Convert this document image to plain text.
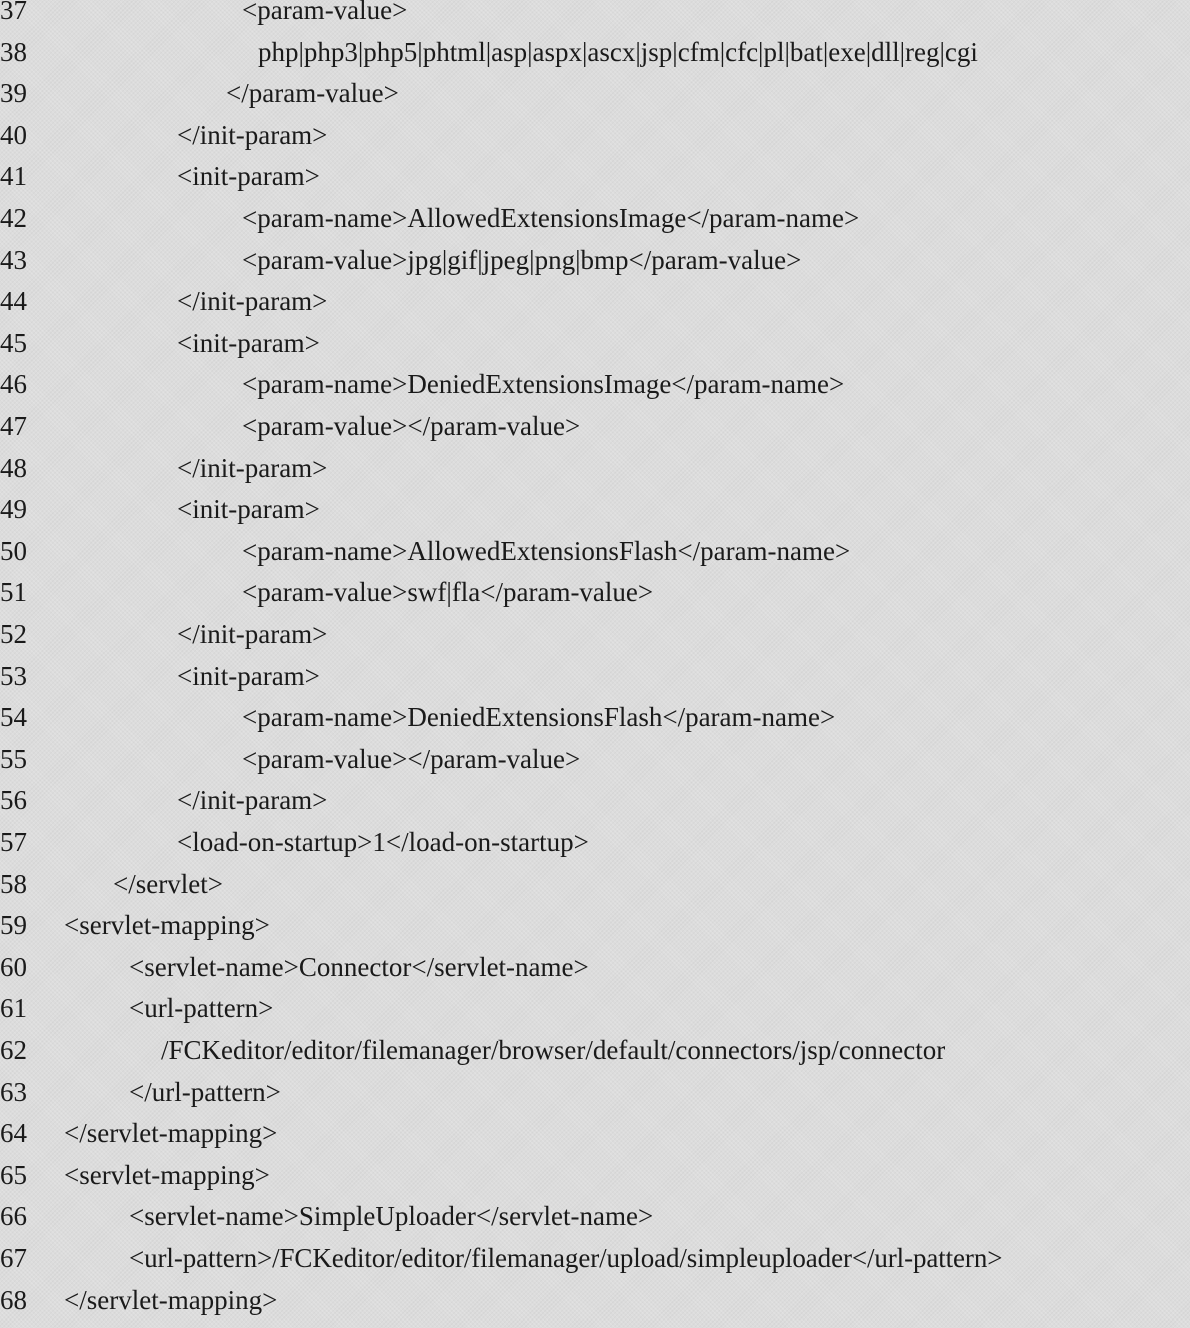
37	<param-value>
38	php|php3|php5|phtml|asp|aspx|ascx|jsp|cfm|cfc|pl|bat|exe|dll|reg|cgi
39	</param-value>
40	</init-param>
41	<init-param>
42	<param-name>AllowedExtensionsImage</param-name>
43	<param-value>jpg|gif|jpeg|png|bmp</param-value>
44	</init-param>
45	<init-param>
46	<param-name>DeniedExtensionsImage</param-name>
47	<param-value></param-value>
48	</init-param>
49	<init-param>
50	<param-name>AllowedExtensionsFlash</param-name>
51	<param-value>swf|fla</param-value>
52	</init-param>
53	<init-param>
54	<param-name>DeniedExtensionsFlash</param-name>
55	<param-value></param-value>
56	</init-param>
57	<load-on-startup>1</load-on-startup>
58	</servlet>
59 <servlet-mapping>
60	<servlet-name>Connector</servlet-name>
61	<url-pattern>
62	/FCKeditor/editor/filemanager/browser/default/connectors/jsp/connector
63	</url-pattern>
64 </servlet-mapping>
65 <servlet-mapping>
66	<servlet-name>SimpleUploader</servlet-name>
67	<url-pattern>/FCKeditor/editor/filemanager/upload/simpleuploader</url-pattern>
68 </servlet-mapping>
